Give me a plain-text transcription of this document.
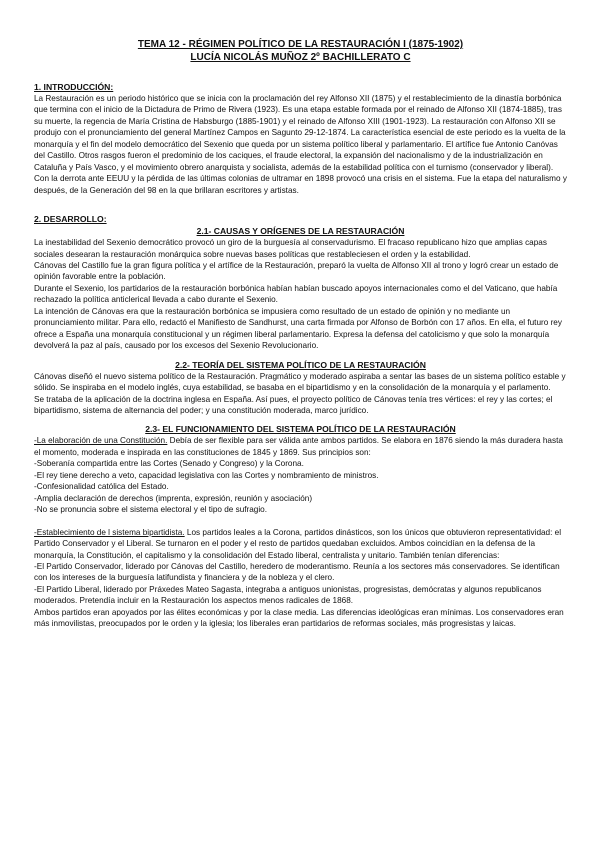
TEMA 12 - RÉGIMEN POLÍTICO DE LA RESTAURACIÓN I (1875-1902)
LUCÍA NICOLÁS MUÑOZ 2º BACHILLERATO C
1. INTRODUCCIÓN:

La Restauración es un periodo histórico que se inicia con la proclamación del rey Alfonso XII (1875) y el restablecimiento de la dinastía borbónica que termina con el inicio de la Dictadura de Primo de Rivera (1923). Es una etapa estable formada por el reinado de Alfonso XII (1874-1885), tras su muerte, la regencia de María Cristina de Habsburgo (1885-1901) y el reinado de Alfonso XIII (1901-1923). La restauración con Alfonso XII se produjo con el pronunciamiento del general Martínez Campos en Sagunto 29-12-1874. La característica esencial de este periodo es la vuelta de la monarquía y el fin del modelo democrático del Sexenio que queda por un sistema político liberal y parlamentario. El artífice fue Antonio Canóvas del Castillo. Otros rasgos fueron el predominio de los caciques, el fraude electoral, la expansión del nacionalismo y de la industrialización en Cataluña y País Vasco, y el movimiento obrero anarquista y socialista, además de la estabilidad política con el turnismo (conservador y liberal). Con la derrota ante EEUU y la pérdida de las últimas colonias de ultramar en 1898 provocó una crisis en el sistema. Fue la etapa del naturalismo y después, de la Generación del 98 en la que brillaran escritores y artistas.

2. DESARROLLO:
2.1- CAUSAS Y ORÍGENES DE LA RESTAURACIÓN

La inestabilidad del Sexenio democrático provocó un giro de la burguesía al conservadurismo. El fracaso republicano hizo que amplias capas sociales desearan la restauración monárquica sobre nuevas bases políticas que restableciesen el orden y la estabilidad.

Cánovas del Castillo fue la gran figura política y el artífice de la Restauración, preparó la vuelta de Alfonso XII al trono y logró crear un estado de opinión favorable entre la población.

Durante el Sexenio, los partidarios de la restauración borbónica habían habían buscado apoyos internacionales como el del Vaticano, que había rechazado la política anticlerical llevada a cabo durante el Sexenio.

La intención de Cánovas era que la restauración borbónica se impusiera como resultado de un estado de opinión y no mediante un pronunciamiento militar. Para ello, redactó el Manifiesto de Sandhurst, una carta firmada por Alfonso de Borbón con 17 años. En ella, el futuro rey ofrece a España una monarquía constitucional y un régimen liberal parlamentario. Expresa la defensa del catolicismo y que solo la monarquía devolverá la paz al país, causado por los excesos del Sexenio Revolucionario.

2.2- TEORÍA DEL SISTEMA POLÍTICO DE LA RESTAURACIÓN

Cánovas diseñó el nuevo sistema político de la Restauración. Pragmático y moderado aspiraba a sentar las bases de un sistema político estable y sólido. Se inspiraba en el modelo inglés, cuya estabilidad, se basaba en el bipartidismo y en la consolidación de la monarquía y el parlamento.

Se trataba de la aplicación de la doctrina inglesa en España. Así pues, el proyecto político de Cánovas tenía tres vértices: el rey y las cortes; el bipartidismo, sistema de alternancia del poder; y una constitución moderada, marco jurídico.

2.3- EL FUNCIONAMIENTO DEL SISTEMA POLÍTICO DE LA RESTAURACIÓN

-La elaboración de una Constitución. Debía de ser flexible para ser válida ante ambos partidos. Se elabora en 1876 siendo la más duradera hasta el momento, moderada e inspirada en las constituciones de 1845 y 1869. Sus principios son:

-Soberanía compartida entre las Cortes (Senado y Congreso) y la Corona.

-El rey tiene derecho a veto, capacidad legislativa con las Cortes y nombramiento de ministros.

-Confesionalidad católica del Estado.

-Amplia declaración de derechos (imprenta, expresión, reunión y asociación)

-No se pronuncia sobre el sistema electoral y el tipo de sufragio.

-Establecimiento de l sistema bipartidista. Los partidos leales a la Corona, partidos dinásticos, son los únicos que obtuvieron representatividad: el Partido Conservador y el Liberal. Se turnaron en el poder y el resto de partidos quedaban excluidos. Ambos coincidían en la defensa de la monarquía, la Constitución, el capitalismo y la consolidación del Estado liberal, centralista y unitario. También tenían diferencias:

-El Partido Conservador, liderado por Cánovas del Castillo, heredero de moderantismo. Reunía a los sectores más conservadores. Se identifican con los intereses de la burguesía latifundista y financiera y de la nobleza y el clero.

-El Partido Liberal, liderado por Práxedes Mateo Sagasta, integraba a antiguos unionistas, progresistas, demócratas y algunos republicanos moderados. Pretendía incluir en la Restauración los aspectos menos radicales de 1868.

Ambos partidos eran apoyados por las élites económicas y por la clase media. Las diferencias ideológicas eran mínimas. Los conservadores eran más inmovilistas, preocupados por le orden y la iglesia; los liberales eran partidarios de reformas sociales, más progresistas y laicas.
